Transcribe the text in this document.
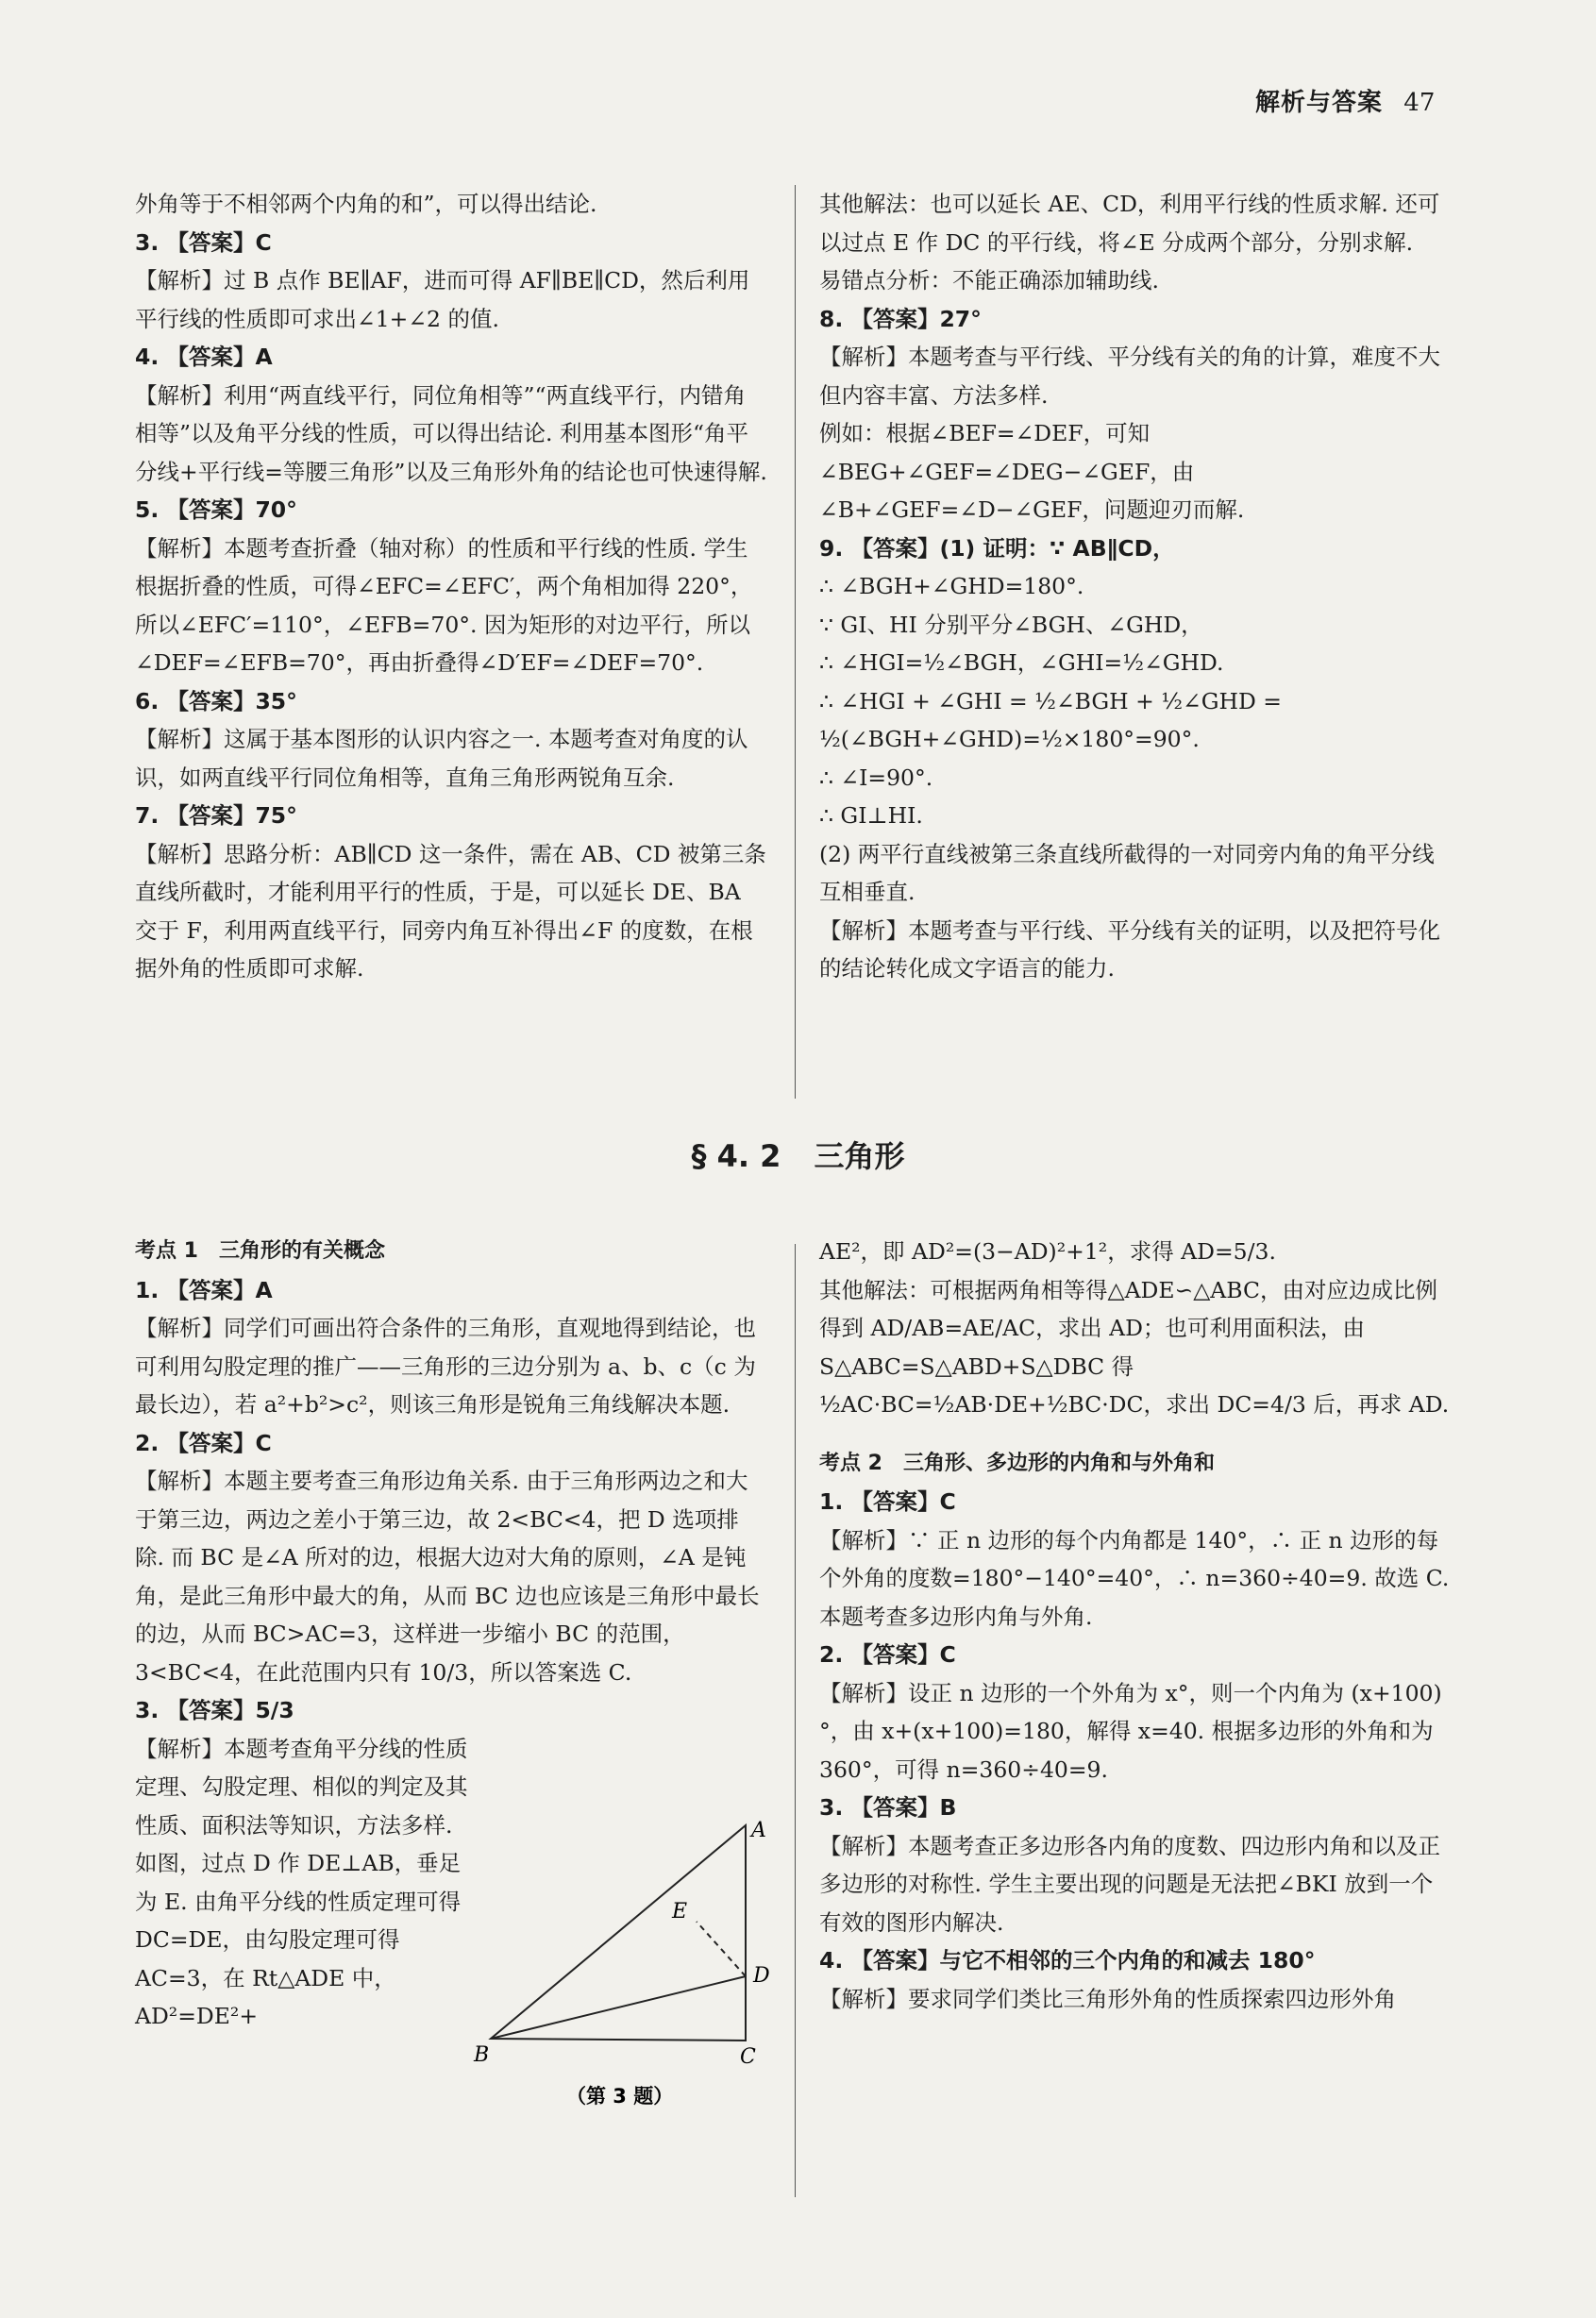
解析与答案 47

外角等于不相邻两个内角的和”，可以得出结论.

3. 【答案】C

【解析】过 B 点作 BE∥AF，进而可得 AF∥BE∥CD，然后利用平行线的性质即可求出∠1+∠2 的值.

4. 【答案】A

【解析】利用“两直线平行，同位角相等”“两直线平行，内错角相等”以及角平分线的性质，可以得出结论. 利用基本图形“角平分线+平行线=等腰三角形”以及三角形外角的结论也可快速得解.

5. 【答案】70°

【解析】本题考查折叠（轴对称）的性质和平行线的性质. 学生根据折叠的性质，可得∠EFC=∠EFC′，两个角相加得 220°，所以∠EFC′=110°，∠EFB=70°. 因为矩形的对边平行，所以∠DEF=∠EFB=70°，再由折叠得∠D′EF=∠DEF=70°.

6. 【答案】35°

【解析】这属于基本图形的认识内容之一. 本题考查对角度的认识，如两直线平行同位角相等，直角三角形两锐角互余.

7. 【答案】75°

【解析】思路分析：AB∥CD 这一条件，需在 AB、CD 被第三条直线所截时，才能利用平行的性质，于是，可以延长 DE、BA 交于 F，利用两直线平行，同旁内角互补得出∠F 的度数，在根据外角的性质即可求解.

其他解法：也可以延长 AE、CD，利用平行线的性质求解. 还可以过点 E 作 DC 的平行线，将∠E 分成两个部分，分别求解.

易错点分析：不能正确添加辅助线.

8. 【答案】27°

【解析】本题考查与平行线、平分线有关的角的计算，难度不大但内容丰富、方法多样.

例如：根据∠BEF=∠DEF，可知∠BEG+∠GEF=∠DEG−∠GEF，由∠B+∠GEF=∠D−∠GEF，问题迎刃而解.

9. 【答案】(1) 证明：∵ AB∥CD，

∴ ∠BGH+∠GHD=180°.

∵ GI、HI 分别平分∠BGH、∠GHD，

∴ ∠HGI=½∠BGH，∠GHI=½∠GHD.

∴ ∠HGI + ∠GHI = ½∠BGH + ½∠GHD = ½(∠BGH+∠GHD)=½×180°=90°.

∴ ∠I=90°.

∴ GI⊥HI.

(2) 两平行直线被第三条直线所截得的一对同旁内角的角平分线互相垂直.

【解析】本题考查与平行线、平分线有关的证明，以及把符号化的结论转化成文字语言的能力.

§ 4. 2 三角形

考点 1　三角形的有关概念

1. 【答案】A

【解析】同学们可画出符合条件的三角形，直观地得到结论，也可利用勾股定理的推广——三角形的三边分别为 a、b、c（c 为最长边），若 a²+b²>c²，则该三角形是锐角三角线解决本题.

2. 【答案】C

【解析】本题主要考查三角形边角关系. 由于三角形两边之和大于第三边，两边之差小于第三边，故 2<BC<4，把 D 选项排除. 而 BC 是∠A 所对的边，根据大边对大角的原则，∠A 是钝角，是此三角形中最大的角，从而 BC 边也应该是三角形中最长的边，从而 BC>AC=3，这样进一步缩小 BC 的范围，3<BC<4，在此范围内只有 10/3，所以答案选 C.

3. 【答案】5/3

【解析】本题考查角平分线的性质定理、勾股定理、相似的判定及其性质、面积法等知识，方法多样. 如图，过点 D 作 DE⊥AB，垂足为 E. 由角平分线的性质定理可得 DC=DE，由勾股定理可得 AC=3，在 Rt△ADE 中，AD²=DE²+

A
E
D
B	C
（第 3 题）

AE²，即 AD²=(3−AD)²+1²，求得 AD=5/3.

其他解法：可根据两角相等得△ADE∽△ABC，由对应边成比例得到 AD/AB=AE/AC，求出 AD；也可利用面积法，由 S△ABC=S△ABD+S△DBC 得 ½AC·BC=½AB·DE+½BC·DC，求出 DC=4/3 后，再求 AD.

考点 2　三角形、多边形的内角和与外角和

1. 【答案】C

【解析】∵ 正 n 边形的每个内角都是 140°，∴ 正 n 边形的每个外角的度数=180°−140°=40°，∴ n=360÷40=9. 故选 C. 本题考查多边形内角与外角.

2. 【答案】C

【解析】设正 n 边形的一个外角为 x°，则一个内角为 (x+100)°，由 x+(x+100)=180，解得 x=40. 根据多边形的外角和为 360°，可得 n=360÷40=9.

3. 【答案】B

【解析】本题考查正多边形各内角的度数、四边形内角和以及正多边形的对称性. 学生主要出现的问题是无法把∠BKI 放到一个有效的图形内解决.

4. 【答案】与它不相邻的三个内角的和减去 180°

【解析】要求同学们类比三角形外角的性质探索四边形外角
